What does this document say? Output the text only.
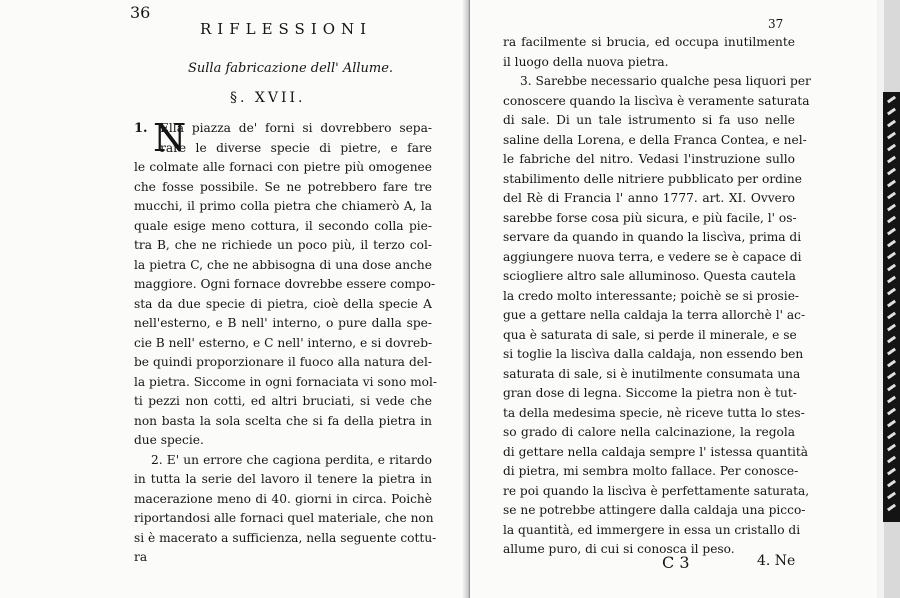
36
RIFLESSIONI
Sulla fabricazione dell' Allume.
§. XVII.
1. N
Ella piazza de' forni si dovrebbero sepa-
rare le diverse specie di pietre, e fare
le colmate alle fornaci con pietre più omogenee
che fosse possibile. Se ne potrebbero fare tre
mucchi, il primo colla pietra che chiamerò A, la
quale esige meno cottura, il secondo colla pie-
tra B, che ne richiede un poco più, il terzo col-
la pietra C, che ne abbisogna di una dose anche
maggiore. Ogni fornace dovrebbe essere compo-
sta da due specie di pietra, cioè della specie A
nell'esterno, e B nell' interno, o pure dalla spe-
cie B nell' esterno, e C nell' interno, e si dovreb-
be quindi proporzionare il fuoco alla natura del-
la pietra. Siccome in ogni fornaciata vi sono mol-
ti pezzi non cotti, ed altri bruciati, si vede che
non basta la sola scelta che si fa della pietra in
due specie.
2. E' un errore che cagiona perdita, e ritardo
in tutta la serie del lavoro il tenere la pietra in
macerazione meno di 40. giorni in circa. Poichè
riportandosi alle fornaci quel materiale, che non
si è macerato a sufficienza, nella seguente cottu-
ra
37
ra facilmente si brucia, ed occupa inutilmente
il luogo della nuova pietra.
3. Sarebbe necessario qualche pesa liquori per
conoscere quando la liscìva è veramente saturata
di sale. Di un tale istrumento si fa uso nelle
saline della Lorena, e della Franca Contea, e nel-
le fabriche del nitro. Vedasi l'instruzione sullo
stabilimento delle nitriere pubblicato per ordine
del Rè di Francia l' anno 1777. art. XI. Ovvero
sarebbe forse cosa più sicura, e più facile, l' os-
servare da quando in quando la liscìva, prima di
aggiungere nuova terra, e vedere se è capace di
sciogliere altro sale alluminoso. Questa cautela
la credo molto interessante; poichè se si prosie-
gue a gettare nella caldaja la terra allorchè l' ac-
qua è saturata di sale, si perde il minerale, e se
si toglie la liscìva dalla caldaja, non essendo ben
saturata di sale, si è inutilmente consumata una
gran dose di legna. Siccome la pietra non è tut-
ta della medesima specie, nè riceve tutta lo stes-
so grado di calore nella calcinazione, la regola
di gettare nella caldaja sempre l' istessa quantità
di pietra, mi sembra molto fallace. Per conosce-
re poi quando la liscìva è perfettamente saturata,
se ne potrebbe attingere dalla caldaja una picco-
la quantità, ed immergere in essa un cristallo di
allume puro, di cui si conosca il peso.
C 3	4. Ne
